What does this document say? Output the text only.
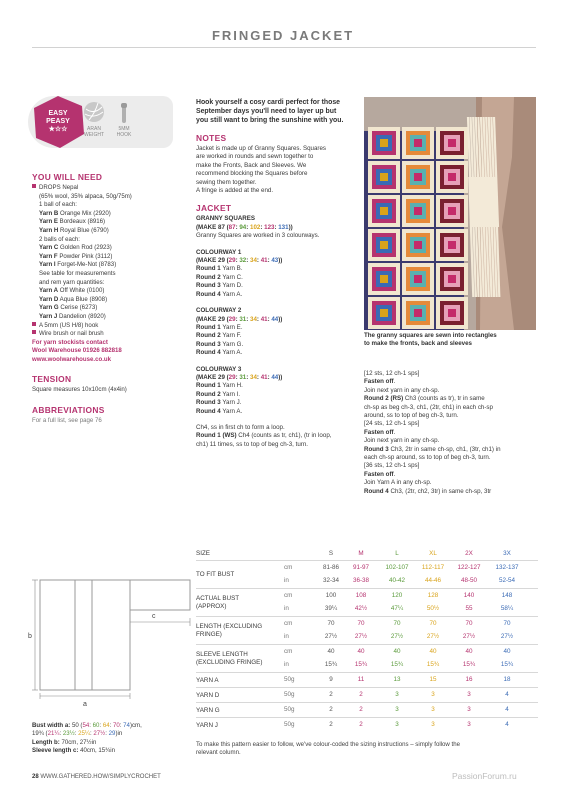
FRINGED JACKET
EASY
PEASY
★☆☆	ARAN
WEIGHT
5MM
HOOK
YOU WILL NEED
DROPS Nepal
(65% wool, 35% alpaca, 50g/75m)
1 ball of each:
Yarn B Orange Mix (2920)
Yarn E Bordeaux (8916)
Yarn H Royal Blue (6790)
2 balls of each:
Yarn C Golden Rod (2923)
Yarn F Powder Pink (3112)
Yarn I Forget-Me-Not (8783)
See table for measurements
and rem yarn quantities:
Yarn A Off White (0100)
Yarn D Aqua Blue (8908)
Yarn G Cerise (6273)
Yarn J Dandelion (8920)
A 5mm (US H/8) hook
Wire brush or nail brush
For yarn stockists contact
Wool Warehouse 01926 882818
www.woolwarehouse.co.uk
TENSION
Square measures 10x10cm (4x4in)
ABBREVIATIONS
For a full list, see page 76
Hook yourself a cosy cardi perfect for those
September days you'll need to layer up but
you still want to bring the sunshine with you.
NOTES
Jacket is made up of Granny Squares. Squares
are worked in rounds and sewn together to
make the Fronts, Back and Sleeves. We
recommend blocking the Squares before
sewing them together.
A fringe is added at the end.
JACKET
GRANNY SQUARES
(MAKE 87 (87: 94: 102: 123: 131))
Granny Squares are worked in 3 colourways.
COLOURWAY 1
(MAKE 29 (29: 32: 34: 41: 43))
Round 1 Yarn B.
Round 2 Yarn C.
Round 3 Yarn D.
Round 4 Yarn A.
COLOURWAY 2
(MAKE 29 (29: 31: 34: 41: 44))
Round 1 Yarn E.
Round 2 Yarn F.
Round 3 Yarn G.
Round 4 Yarn A.
COLOURWAY 3
(MAKE 29 (29: 31: 34: 41: 44))
Round 1 Yarn H.
Round 2 Yarn I.
Round 3 Yarn J.
Round 4 Yarn A.
Ch4, ss in first ch to form a loop.
Round 1 (WS) Ch4 (counts as tr, ch1), (tr in loop,
ch1) 11 times, ss to top of beg ch-3, turn.
The granny squares are sewn into rectangles
to make the fronts, back and sleeves
[12 sts, 12 ch-1 sps]
Fasten off.
Join next yarn in any ch-sp.
Round 2 (RS) Ch3 (counts as tr), tr in same
ch-sp as beg ch-3, ch1, (2tr, ch1) in each ch-sp
around, ss to top of beg ch-3, turn.
[24 sts, 12 ch-1 sps]
Fasten off.
Join next yarn in any ch-sp.
Round 3 Ch3, 2tr in same ch-sp, ch1, (3tr, ch1) in
each ch-sp around, ss to top of beg ch-3, turn.
[36 sts, 12 ch-1 sps]
Fasten off.
Join Yarn A in any ch-sp.
Round 4 Ch3, (2tr, ch2, 3tr) in same ch-sp, 3tr
SIZE	S	M	L	XL	2X	3X
TO FIT BUST
cm	81-86	91-97	102-107	112-117	122-127	132-137
in	32-34	36-38	40-42	44-46	48-50	52-54
ACTUAL BUST
(APPROX)
cm	100	108	120	128	140	148
in	39¼	42½	47¼	50½	55	58¼
LENGTH (EXCLUDING
FRINGE)
cm	70	70	70	70	70	70
in	27½	27½	27½	27½	27½	27½
SLEEVE LENGTH
(EXCLUDING FRINGE)
cm	40	40	40	40	40	40
in	15¾	15¾	15¾	15¾	15¾	15¾
YARN A	50g	9	11	13	15	16	18
YARN D	50g	2	2	3	3	3	4
YARN G	50g	2	2	3	3	3	4
YARN J	50g	2	2	3	3	3	4
To make this pattern easier to follow, we've colour-coded the sizing instructions – simply follow the
relevant column.
b
a
c
Bust width a: 50 (54: 60: 64: 70: 74)cm,
19¾ (21¼: 23½: 25¼: 27½: 29)in
Length b: 70cm, 27½in
Sleeve length c: 40cm, 15¾in
28 WWW.GATHERED.HOW/SIMPLYCROCHET	PassionForum.ru
